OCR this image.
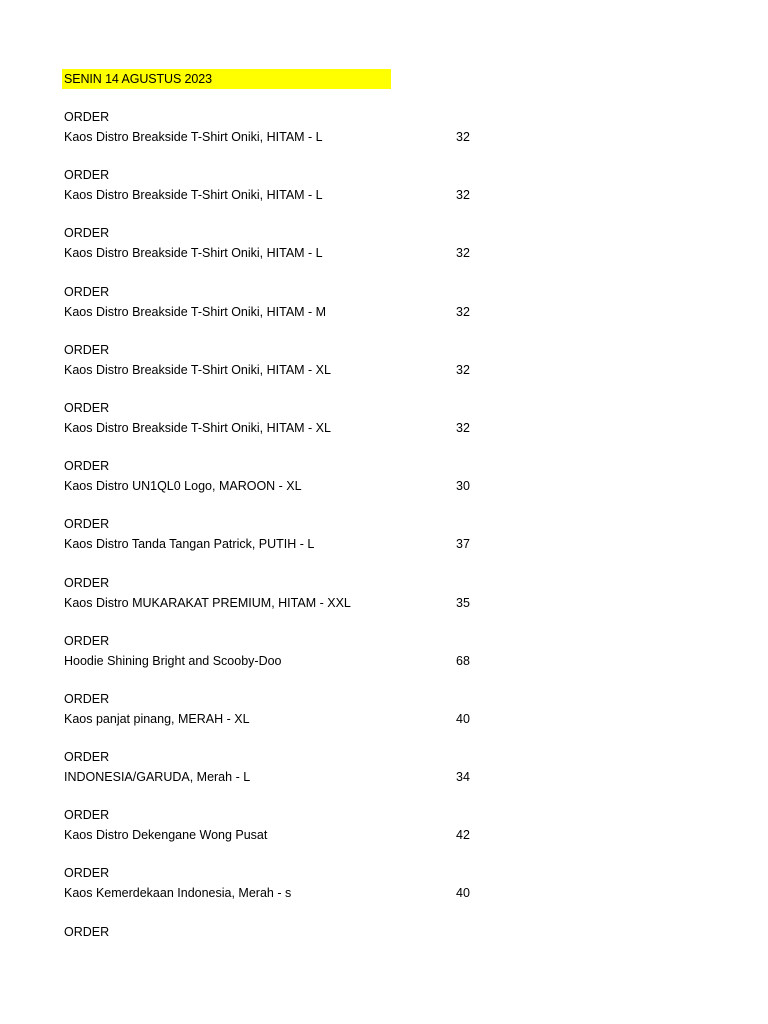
SENIN 14 AGUSTUS 2023
ORDER
Kaos Distro Breakside T-Shirt Oniki, HITAM - L	32
ORDER
Kaos Distro Breakside T-Shirt Oniki, HITAM - L	32
ORDER
Kaos Distro Breakside T-Shirt Oniki, HITAM - L	32
ORDER
Kaos Distro Breakside T-Shirt Oniki, HITAM - M	32
ORDER
Kaos Distro Breakside T-Shirt Oniki, HITAM - XL	32
ORDER
Kaos Distro Breakside T-Shirt Oniki, HITAM - XL	32
ORDER
Kaos Distro UN1QL0 Logo, MAROON - XL	30
ORDER
Kaos Distro Tanda Tangan Patrick, PUTIH - L	37
ORDER
Kaos Distro MUKARAKAT PREMIUM, HITAM - XXL	35
ORDER
Hoodie Shining Bright and Scooby-Doo	68
ORDER
Kaos panjat pinang, MERAH - XL	40
ORDER
INDONESIA/GARUDA, Merah - L	34
ORDER
Kaos Distro Dekengane Wong Pusat	42
ORDER
Kaos Kemerdekaan Indonesia, Merah - s	40
ORDER
